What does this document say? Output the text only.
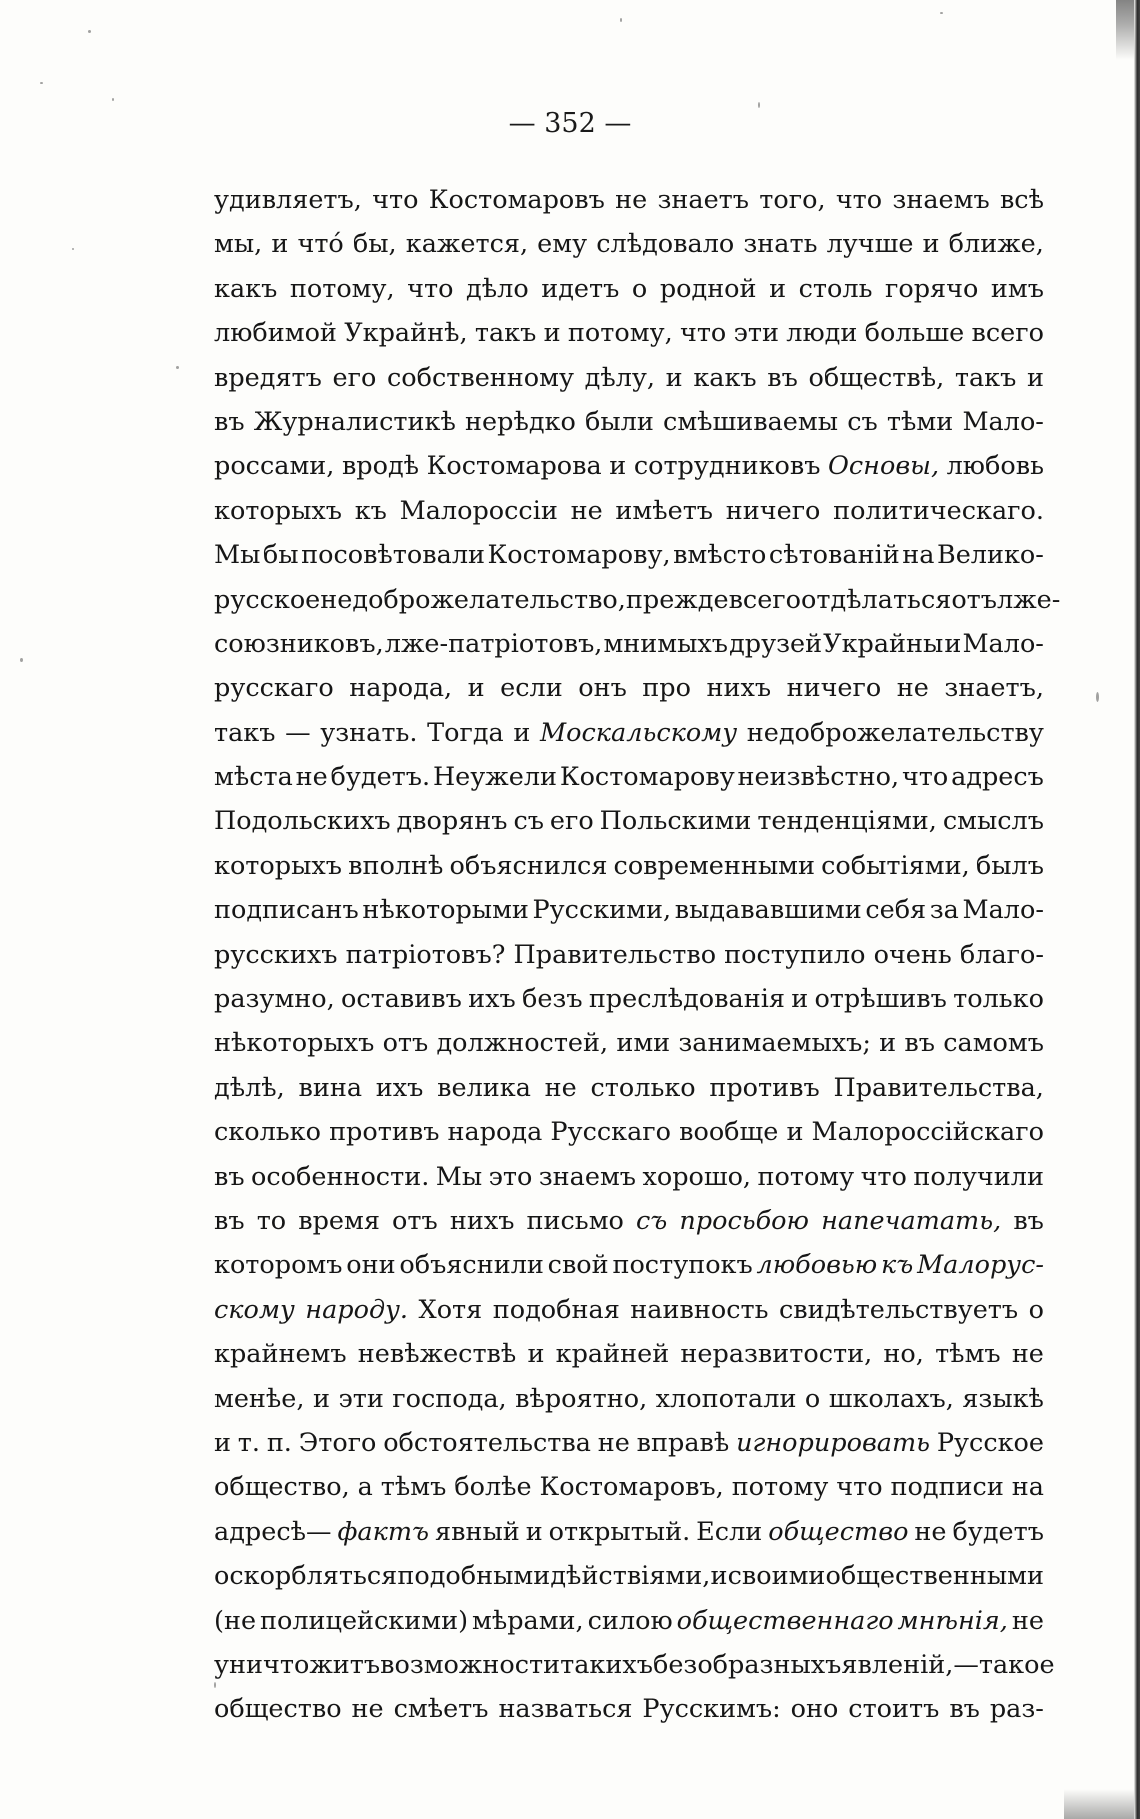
— 352 —
удивляетъ, что Костомаровъ не знаетъ того, что знаемъ всѣ
мы, и чтó бы, кажется, ему слѣдовало знать лучше и ближе,
какъ потому, что дѣло идетъ о родной и столь горячо имъ
любимой Украйнѣ, такъ и потому, что эти люди больше всего
вредятъ его собственному дѣлу, и какъ въ обществѣ, такъ и
въ Журналистикѣ нерѣдко были смѣшиваемы съ тѣми Мало-
россами, вродѣ Костомарова и сотрудниковъ Основы, любовь
которыхъ къ Малороссіи не имѣетъ ничего политическаго.
Мы бы посовѣтовали Костомарову, вмѣсто сѣтованій на Велико-
русское недоброжелательство, прежде всего отдѣлаться отъ лже-
союзниковъ, лже-патріотовъ, мнимыхъ друзей Украйны и Мало-
русскаго народа, и если онъ про нихъ ничего не знаетъ,
такъ — узнать. Тогда и Москальскому недоброжелательству
мѣста не будетъ. Неужели Костомарову неизвѣстно, что адресъ
Подольскихъ дворянъ съ его Польскими тенденціями, смыслъ
которыхъ вполнѣ объяснился современными событіями, былъ
подписанъ нѣкоторыми Русскими, выдававшими себя за Мало-
русскихъ патріотовъ? Правительство поступило очень благо-
разумно, оставивъ ихъ безъ преслѣдованія и отрѣшивъ только
нѣкоторыхъ отъ должностей, ими занимаемыхъ; и въ самомъ
дѣлѣ, вина ихъ велика не столько противъ Правительства,
сколько противъ народа Русскаго вообще и Малороссійскаго
въ особенности. Мы это знаемъ хорошо, потому что получили
въ то время отъ нихъ письмо съ просьбою напечатать, въ
которомъ они объяснили свой поступокъ любовью къ Малорус-
скому народу. Хотя подобная наивность свидѣтельствуетъ о
крайнемъ невѣжествѣ и крайней неразвитости, но, тѣмъ не
менѣе, и эти господа, вѣроятно, хлопотали о школахъ, языкѣ
и т. п. Этого обстоятельства не вправѣ игнорировать Русское
общество, а тѣмъ болѣе Костомаровъ, потому что подписи на
адресѣ— фактъ явный и открытый. Если общество не будетъ
оскорбляться подобными дѣйствіями, и своими общественными
(не полицейскими) мѣрами, силою общественнаго мнѣнія, не
уничтожитъ возможности такихъ безобразныхъ явленій,—такое
общество не смѣетъ назваться Русскимъ: оно стоитъ въ раз-
